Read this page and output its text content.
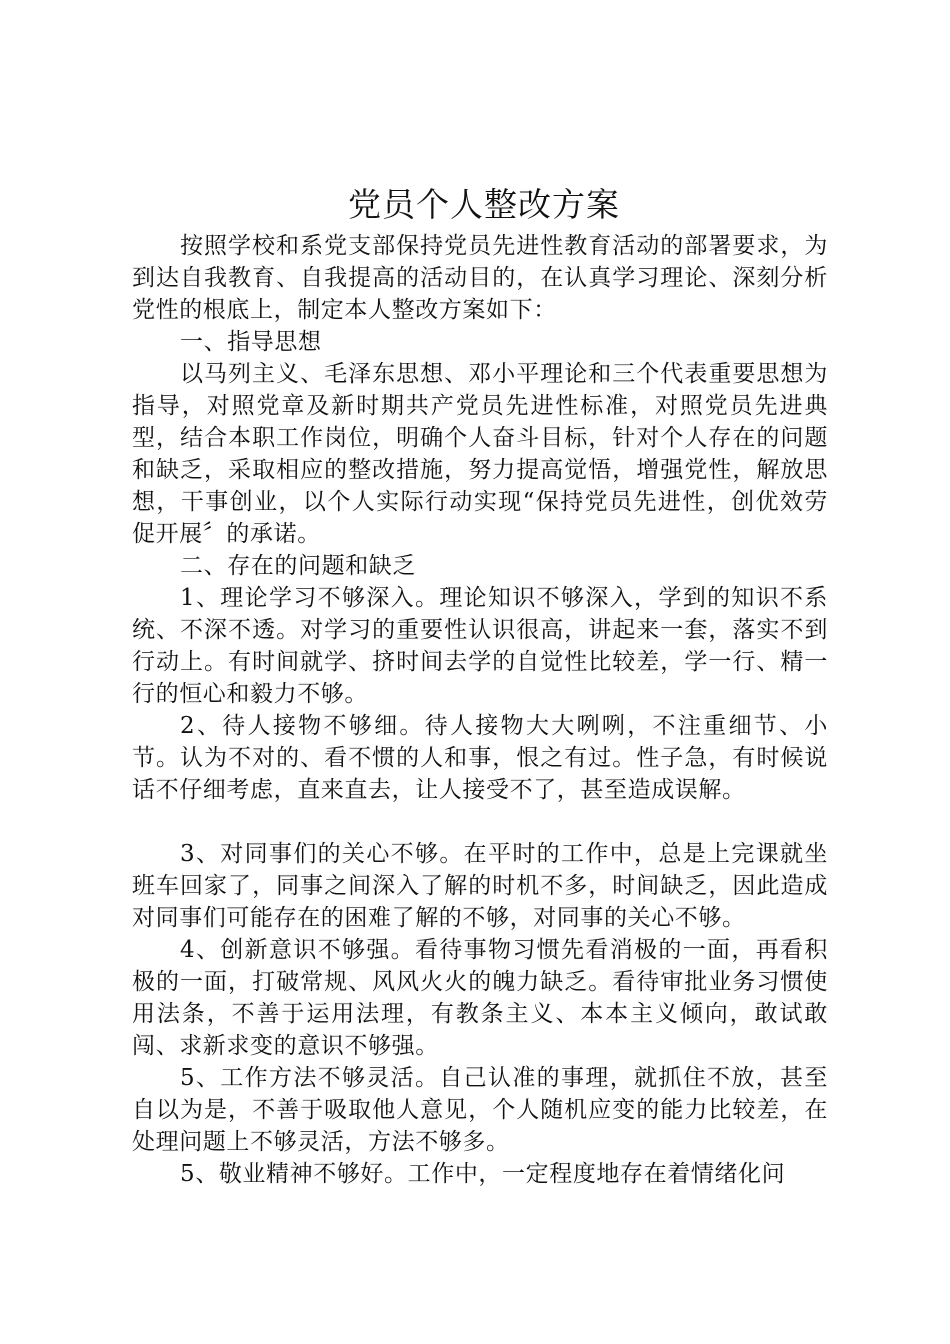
党员个人整改方案

按照学校和系党支部保持党员先进性教育活动的部署要求，为到达自我教育、自我提高的活动目的，在认真学习理论、深刻分析党性的根底上，制定本人整改方案如下：

一、指导思想

以马列主义、毛泽东思想、邓小平理论和三个代表重要思想为指导，对照党章及新时期共产党员先进性标准，对照党员先进典型，结合本职工作岗位，明确个人奋斗目标，针对个人存在的问题和缺乏，采取相应的整改措施，努力提高觉悟，增强党性，解放思想，干事创业，以个人实际行动实现“保持党员先进性，创优效劳促开展〞的承诺。

二、存在的问题和缺乏

1、理论学习不够深入。理论知识不够深入，学到的知识不系统、不深不透。对学习的重要性认识很高，讲起来一套，落实不到行动上。有时间就学、挤时间去学的自觉性比较差，学一行、精一行的恒心和毅力不够。

2、待人接物不够细。待人接物大大咧咧，不注重细节、小节。认为不对的、看不惯的人和事，恨之有过。性子急，有时候说话不仔细考虑，直来直去，让人接受不了，甚至造成误解。

3、对同事们的关心不够。在平时的工作中，总是上完课就坐班车回家了，同事之间深入了解的时机不多，时间缺乏，因此造成对同事们可能存在的困难了解的不够，对同事的关心不够。

4、创新意识不够强。看待事物习惯先看消极的一面，再看积极的一面，打破常规、风风火火的魄力缺乏。看待审批业务习惯使用法条，不善于运用法理，有教条主义、本本主义倾向，敢试敢闯、求新求变的意识不够强。

5、工作方法不够灵活。自己认准的事理，就抓住不放，甚至自以为是，不善于吸取他人意见，个人随机应变的能力比较差，在处理问题上不够灵活，方法不够多。

5、敬业精神不够好。工作中，一定程度地存在着情绪化问
